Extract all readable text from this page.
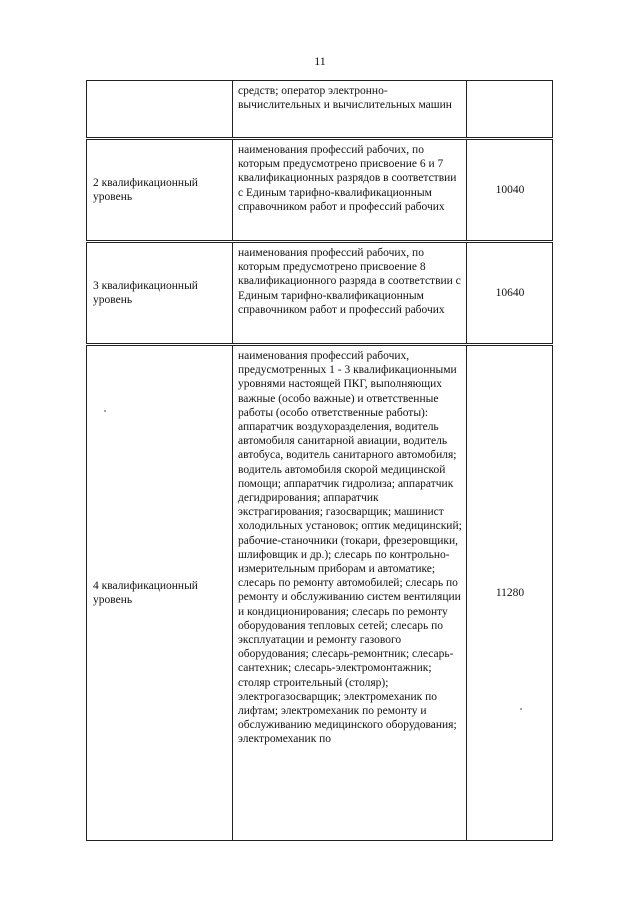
11

	средств; оператор электронно-вычислительных и вычислительных машин	

2 квалификационный уровень	наименования профессий рабочих, по которым предусмотрено присвоение 6 и 7 квалификационных разрядов в соответствии с Единым тарифно-квалификационным справочником работ и профессий рабочих	10040

3 квалификационный уровень	наименования профессий рабочих, по которым предусмотрено присвоение 8 квалификационного разряда в соответствии с Единым тарифно-квалификационным справочником работ и профессий рабочих	10640

4 квалификационный уровень	наименования профессий рабочих, предусмотренных 1 - 3 квалификационными уровнями настоящей ПКГ, выполняющих важные (особо важные) и ответственные работы (особо ответственные работы): аппаратчик воздухоразделения, водитель автомобиля санитарной авиации, водитель автобуса, водитель санитарного автомобиля; водитель автомобиля скорой медицинской помощи; аппаратчик гидролиза; аппаратчик дегидрирования; аппаратчик экстрагирования; газосварщик; машинист холодильных установок; оптик медицинский; рабочие-станочники (токари, фрезеровщики, шлифовщик и др.); слесарь по контрольно-измерительным приборам и автоматике; слесарь по ремонту автомобилей; слесарь по ремонту и обслуживанию систем вентиляции и кондиционирования; слесарь по ремонту оборудования тепловых сетей; слесарь по эксплуатации и ремонту газового оборудования; слесарь-ремонтник; слесарь-сантехник; слесарь-электромонтажник; столяр строительный (столяр); электрогазосварщик; электромеханик по лифтам; электромеханик по ремонту и обслуживанию медицинского оборудования; электромеханик по	11280
